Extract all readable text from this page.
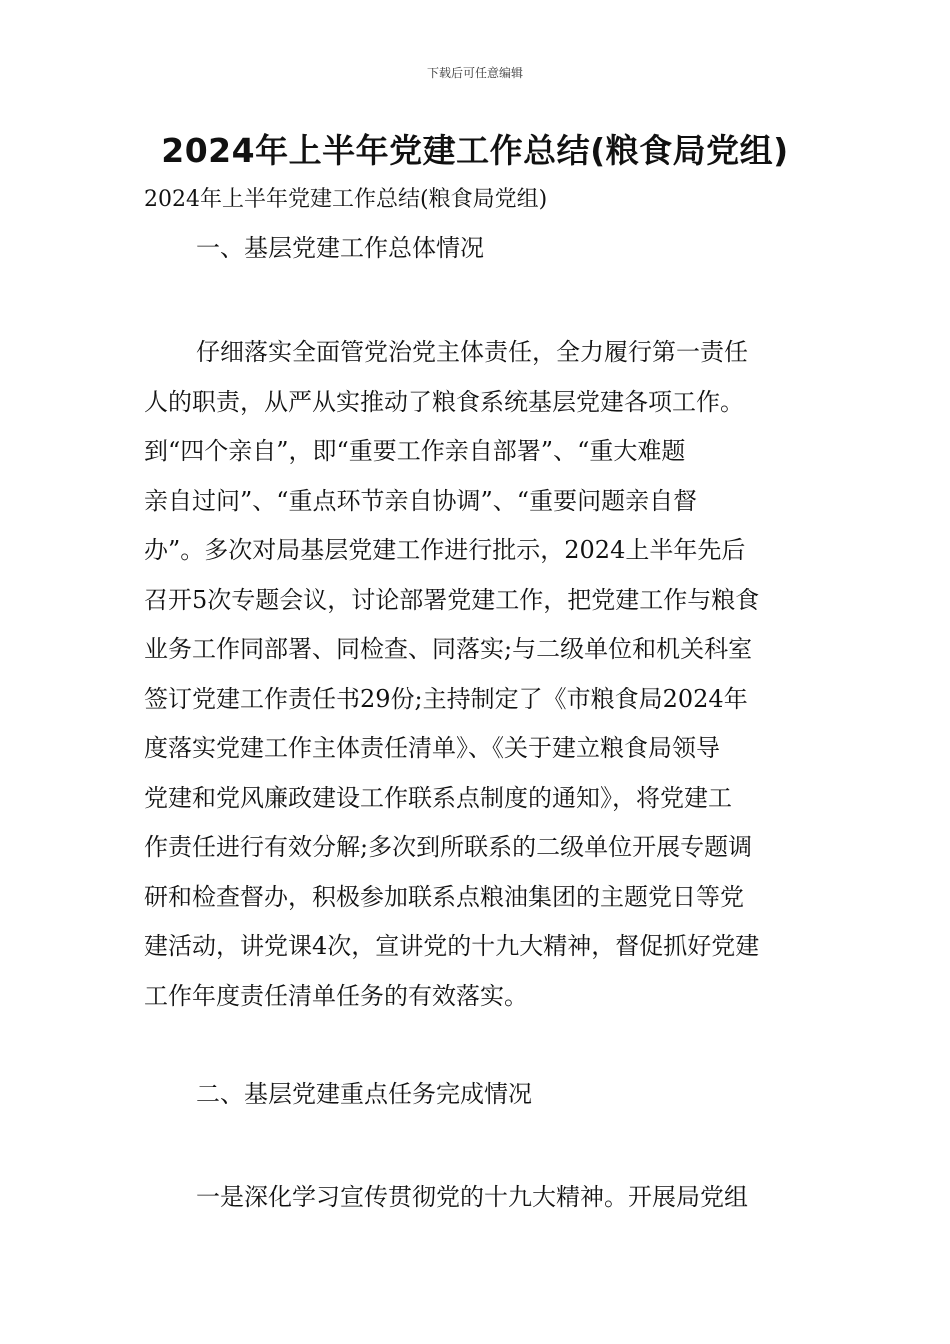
下载后可任意编辑
2024年上半年党建工作总结(粮食局党组)
2024年上半年党建工作总结(粮食局党组)
一、基层党建工作总体情况
仔细落实全面管党治党主体责任，全力履行第一责任
人的职责，从严从实推动了粮食系统基层党建各项工作。
到“四个亲自”，即“重要工作亲自部署”、“重大难题
亲自过问”、“重点环节亲自协调”、“重要问题亲自督
办”。多次对局基层党建工作进行批示，2024上半年先后
召开5次专题会议，讨论部署党建工作，把党建工作与粮食
业务工作同部署、同检查、同落实;与二级单位和机关科室
签订党建工作责任书29份;主持制定了《市粮食局2024年
度落实党建工作主体责任清单》、《关于建立粮食局领导
党建和党风廉政建设工作联系点制度的通知》，将党建工
作责任进行有效分解;多次到所联系的二级单位开展专题调
研和检查督办，积极参加联系点粮油集团的主题党日等党
建活动，讲党课4次，宣讲党的十九大精神，督促抓好党建
工作年度责任清单任务的有效落实。
二、基层党建重点任务完成情况
一是深化学习宣传贯彻党的十九大精神。开展局党组
